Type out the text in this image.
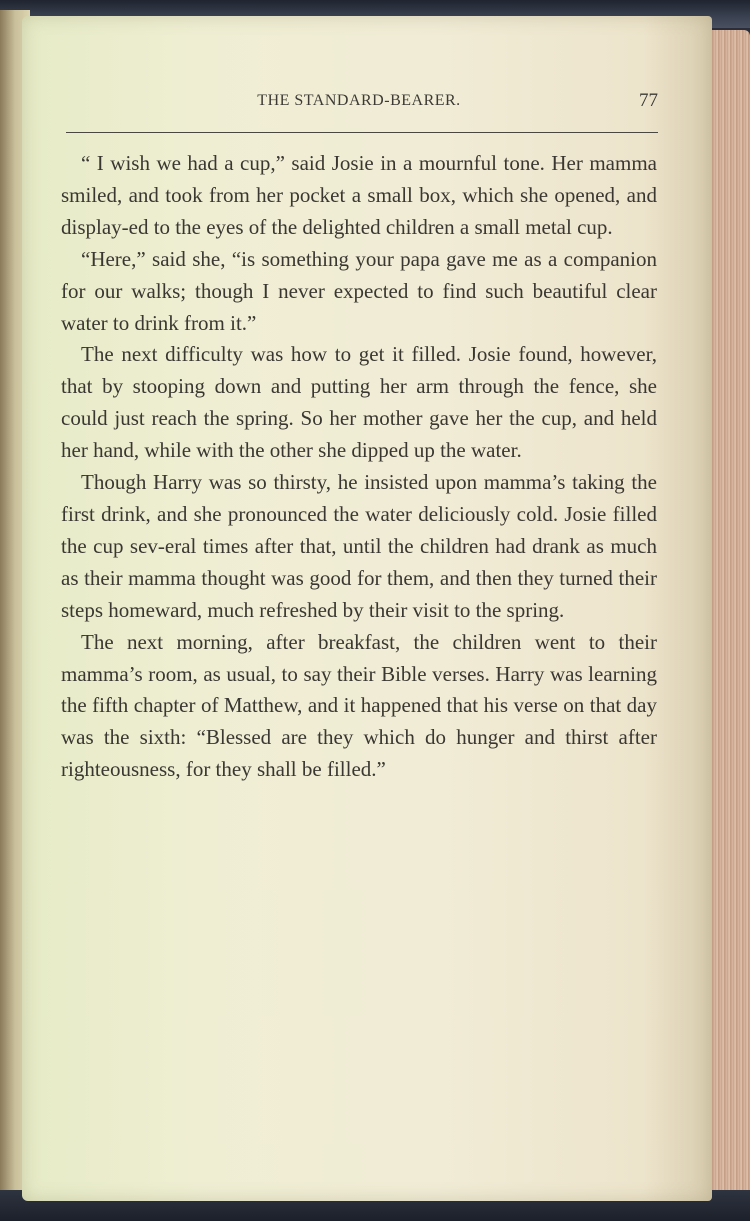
THE STANDARD-BEARER.	77

“ I wish we had a cup,” said Josie in a mournful tone. Her mamma smiled, and took from her pocket a small box, which she opened, and display-ed to the eyes of the delighted children a small metal cup.

“Here,” said she, “is something your papa gave me as a companion for our walks; though I never expected to find such beautiful clear water to drink from it.”

The next difficulty was how to get it filled. Josie found, however, that by stooping down and putting her arm through the fence, she could just reach the spring. So her mother gave her the cup, and held her hand, while with the other she dipped up the water.

Though Harry was so thirsty, he insisted upon mamma’s taking the first drink, and she pronounced the water deliciously cold. Josie filled the cup sev-eral times after that, until the children had drank as much as their mamma thought was good for them, and then they turned their steps homeward, much refreshed by their visit to the spring.

The next morning, after breakfast, the children went to their mamma’s room, as usual, to say their Bible verses. Harry was learning the fifth chapter of Matthew, and it happened that his verse on that day was the sixth: “Blessed are they which do hunger and thirst after righteousness, for they shall be filled.”
